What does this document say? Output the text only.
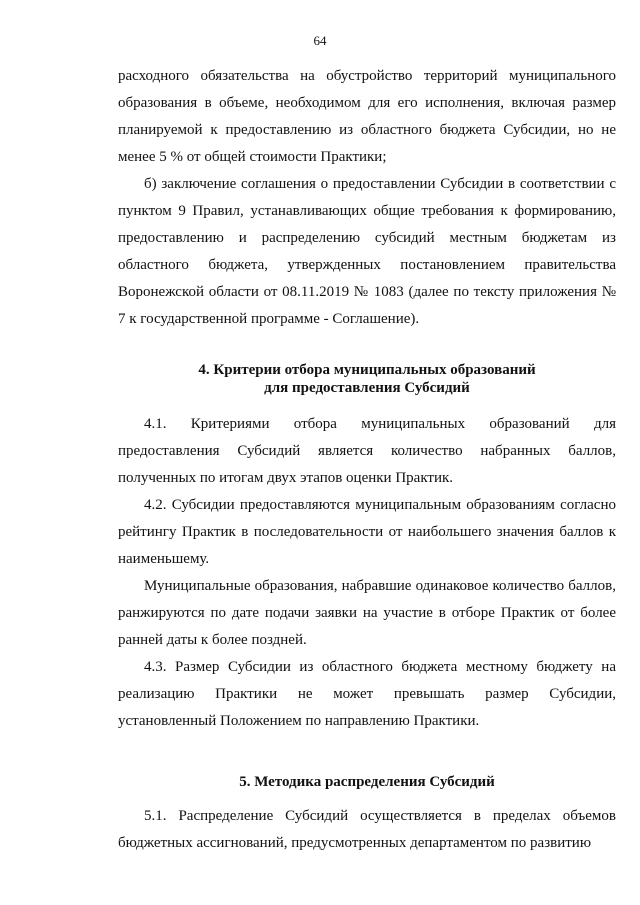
64

расходного обязательства на обустройство территорий муниципального образования в объеме, необходимом для его исполнения, включая размер планируемой к предоставлению из областного бюджета Субсидии, но не менее 5 % от общей стоимости Практики;

б) заключение соглашения о предоставлении Субсидии в соответствии с пунктом 9 Правил, устанавливающих общие требования к формированию, предоставлению и распределению субсидий местным бюджетам из областного бюджета, утвержденных постановлением правительства Воронежской области от 08.11.2019 № 1083 (далее по тексту приложения № 7 к государственной программе - Соглашение).

4. Критерии отбора муниципальных образований

для предоставления Субсидий

4.1. Критериями отбора муниципальных образований для предоставления Субсидий является количество набранных баллов, полученных по итогам двух этапов оценки Практик.

4.2. Субсидии предоставляются муниципальным образованиям согласно рейтингу Практик в последовательности от наибольшего значения баллов к наименьшему.

Муниципальные образования, набравшие одинаковое количество баллов, ранжируются по дате подачи заявки на участие в отборе Практик от более ранней даты к более поздней.

4.3. Размер Субсидии из областного бюджета местному бюджету на реализацию Практики не может превышать размер Субсидии, установленный Положением по направлению Практики.

5. Методика распределения Субсидий

5.1. Распределение Субсидий осуществляется в пределах объемов бюджетных ассигнований, предусмотренных департаментом по развитию
